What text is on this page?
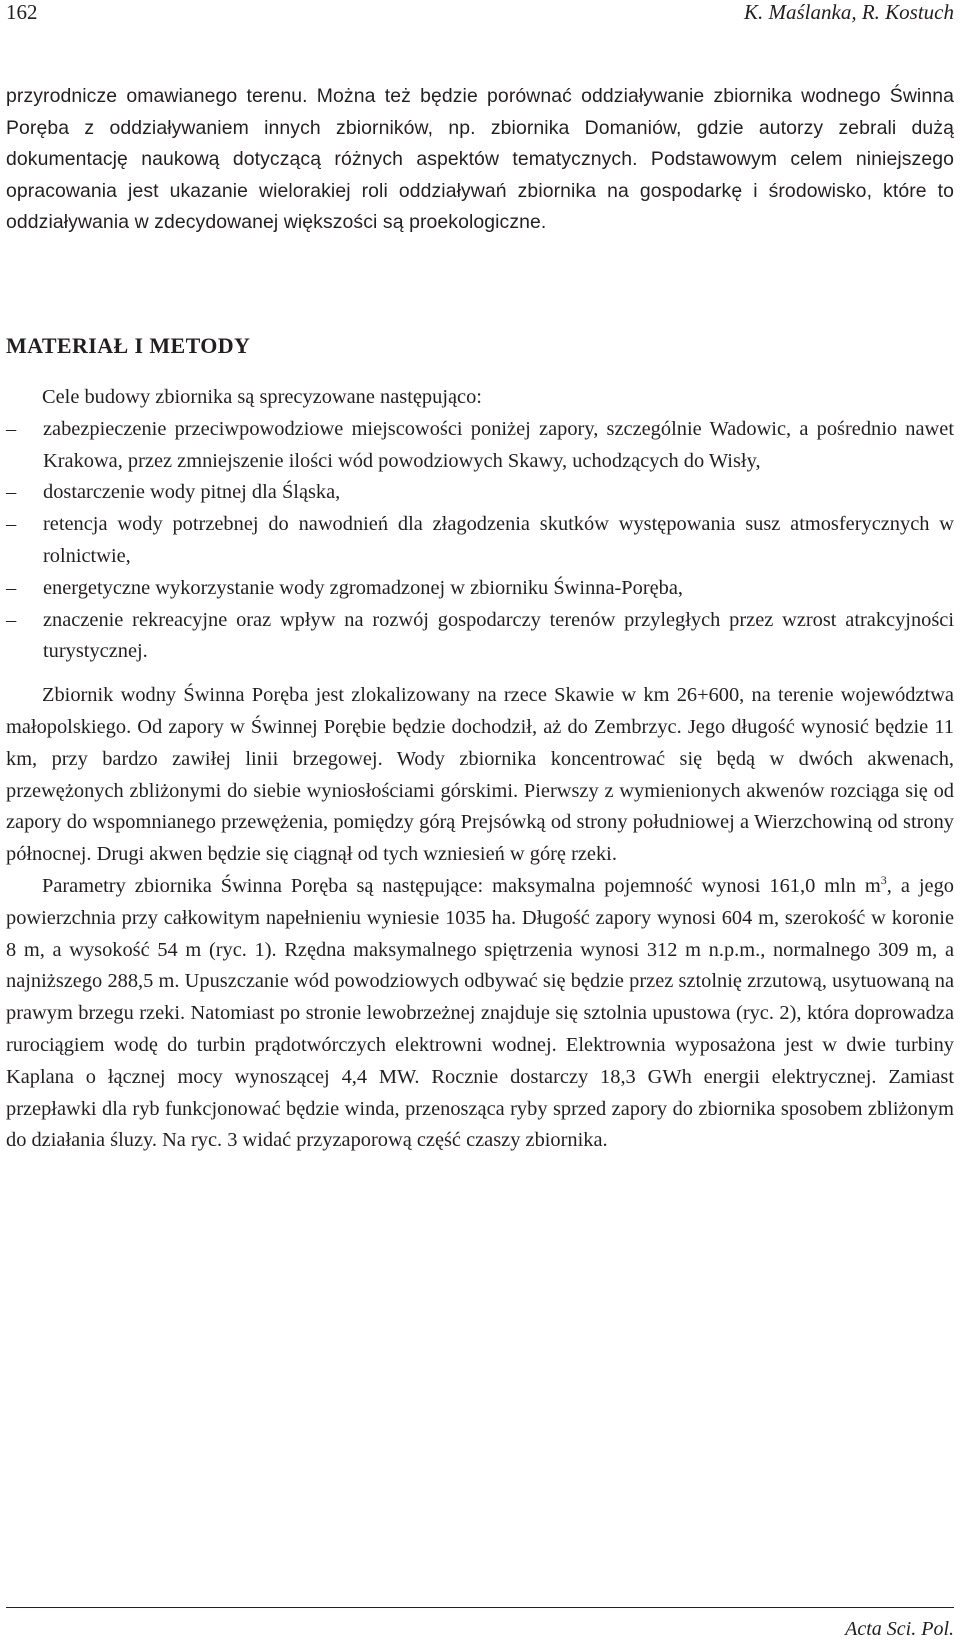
162	K. Maślanka, R. Kostuch

przyrodnicze omawianego terenu. Można też będzie porównać oddziaływanie zbiornika wodnego Świnna Poręba z oddziaływaniem innych zbiorników, np. zbiornika Domaniów, gdzie autorzy zebrali dużą dokumentację naukową dotyczącą różnych aspektów tematycznych. Podstawowym celem niniejszego opracowania jest ukazanie wielorakiej roli oddziaływań zbiornika na gospodarkę i środowisko, które to oddziaływania w zdecydowanej większości są proekologiczne.

MATERIAŁ I METODY

Cele budowy zbiornika są sprecyzowane następująco:

– zabezpieczenie przeciwpowodziowe miejscowości poniżej zapory, szczególnie Wadowic, a pośrednio nawet Krakowa, przez zmniejszenie ilości wód powodziowych Skawy, uchodzących do Wisły,
– dostarczenie wody pitnej dla Śląska,
– retencja wody potrzebnej do nawodnień dla złagodzenia skutków występowania susz atmosferycznych w rolnictwie,
– energetyczne wykorzystanie wody zgromadzonej w zbiorniku Świnna-Poręba,
– znaczenie rekreacyjne oraz wpływ na rozwój gospodarczy terenów przyległych przez wzrost atrakcyjności turystycznej.

Zbiornik wodny Świnna Poręba jest zlokalizowany na rzece Skawie w km 26+600, na terenie województwa małopolskiego. Od zapory w Świnnej Porębie będzie dochodził, aż do Zembrzyc. Jego długość wynosić będzie 11 km, przy bardzo zawiłej linii brzegowej. Wody zbiornika koncentrować się będą w dwóch akwenach, przewężonych zbliżonymi do siebie wyniosłościami górskimi. Pierwszy z wymienionych akwenów rozciąga się od zapory do wspomnianego przewężenia, pomiędzy górą Prejsówką od strony południowej a Wierzchowiną od strony północnej. Drugi akwen będzie się ciągnął od tych wzniesień w górę rzeki.

Parametry zbiornika Świnna Poręba są następujące: maksymalna pojemność wynosi 161,0 mln $m^3$, a jego powierzchnia przy całkowitym napełnieniu wyniesie 1035 ha. Długość zapory wynosi 604 m, szerokość w koronie 8 m, a wysokość 54 m (ryc. 1). Rzędna maksymalnego spiętrzenia wynosi 312 m n.p.m., normalnego 309 m, a najniższego 288,5 m. Upuszczanie wód powodziowych odbywać się będzie przez sztolnię zrzutową, usytuowaną na prawym brzegu rzeki. Natomiast po stronie lewobrzeżnej znajduje się sztolnia upustowa (ryc. 2), która doprowadza rurociągiem wodę do turbin prądotwórczych elektrowni wodnej. Elektrownia wyposażona jest w dwie turbiny Kaplana o łącznej mocy wynoszącej 4,4 MW. Rocznie dostarczy 18,3 GWh energii elektrycznej. Zamiast przepławki dla ryb funkcjonować będzie winda, przenosząca ryby sprzed zapory do zbiornika sposobem zbliżonym do działania śluzy. Na ryc. 3 widać przyzaporową część czaszy zbiornika.

Acta Sci. Pol.
